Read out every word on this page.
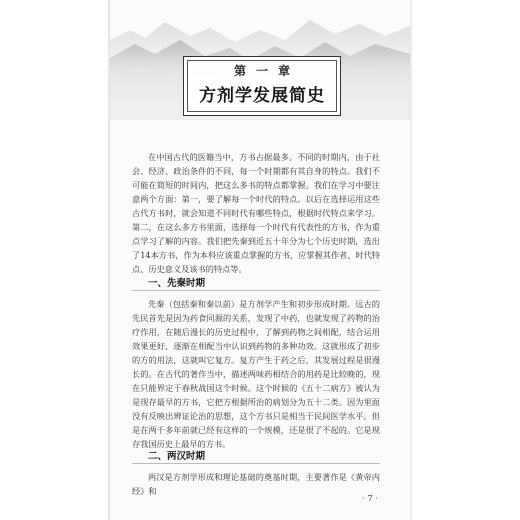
第一章
方剂学发展简史
在中国古代的医籍当中，方书占据最多。不同的时期内，由于社会、经济、政治条件的不同，每一个时期都有其自身的特点。我们不可能在简短的时间内，把这么多书的特点都掌握。我们在学习中要注意两个方面：第一，要了解每一个时代的特点。以后在选择运用这些古代方书时，就会知道不同时代有哪些特点，根据时代特点来学习。第二，在这么多方书里面，选择每一个时代有代表性的方书，作为重点学习了解的内容。我们把先秦到近五十年分为七个历史时期，选出了14本方书，作为本科应该重点掌握的方书，应掌握其作者、时代特点、历史意义及该书的特点等。
一、先秦时期
先秦（包括秦和秦以前）是方剂学产生和初步形成时期。远古的先民首先是因为药食同源的关系，发现了中药，也就发现了药物的治疗作用，在随后漫长的历史过程中，了解到药物之间相配，结合运用效果更好，逐渐在相配当中认识到药物的多种功效。这就形成了初步的方的用法，这就叫它复方。复方产生于药之后，其发展过程是很漫长的。在古代的著作当中，描述两味药相结合的用药是比较晚的，现在只能界定于春秋战国这个时候。这个时候的《五十二病方》被认为是现存最早的方书，它把方根据所治的病划分为五十二类。因为里面没有反映出辨证论治的思想，这个方书只是相当于民间医学水平。但是在两千多年前就已经有这样的一个规模，还是很了不起的。它是现存我国历史上最早的方书。
二、两汉时期
两汉是方剂学形成和理论基础的奠基时期，主要著作是《黄帝内经》和
· 7 ·
